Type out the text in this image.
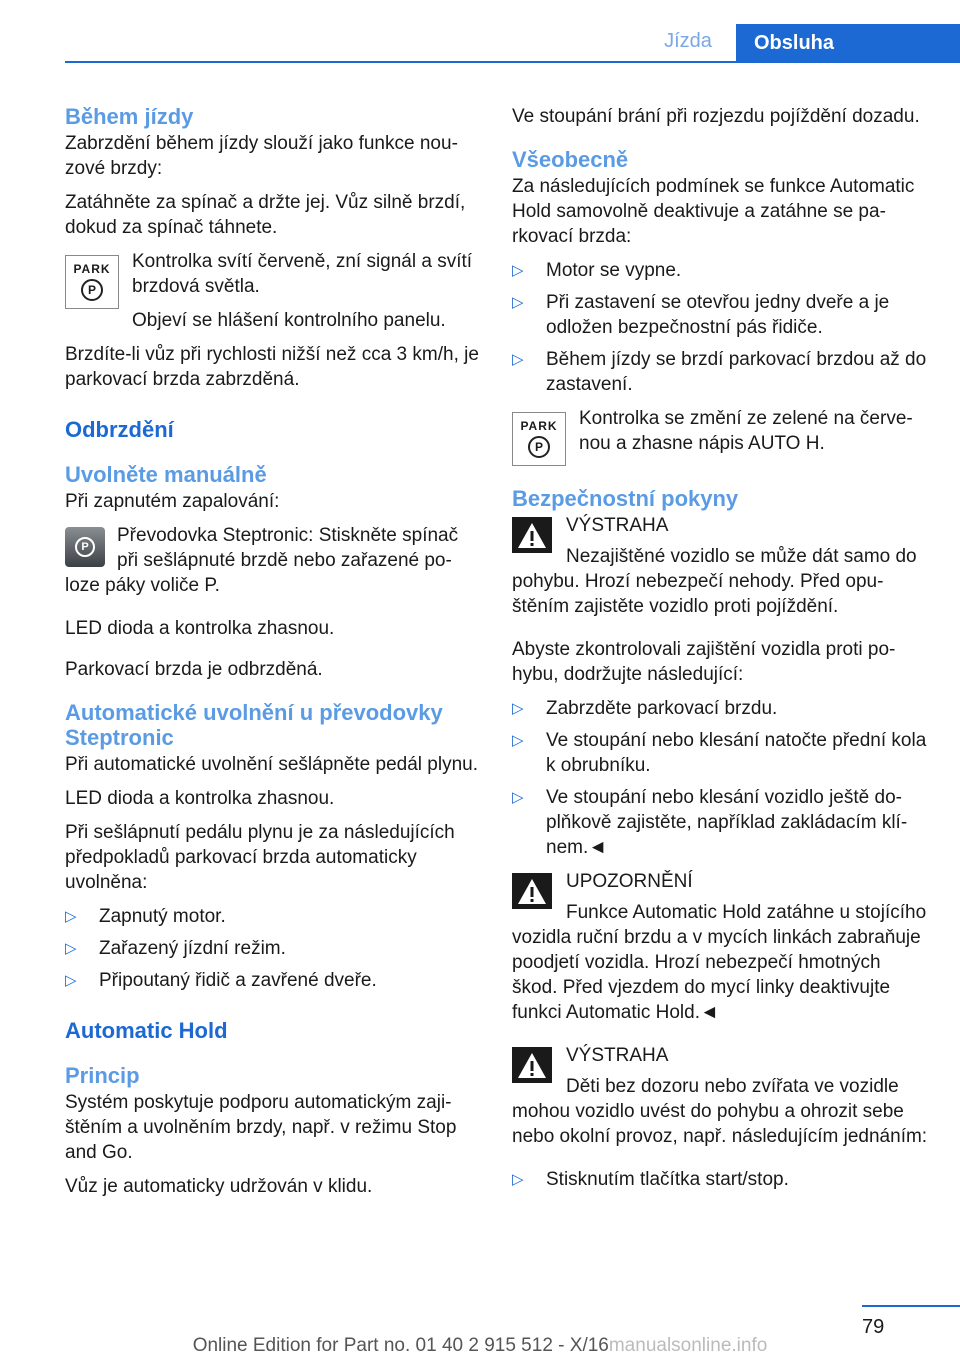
Jízda	Obsluha
Během jízdy

Zabrzdění během jízdy slouží jako funkce nouzové brzdy:

Zatáhněte za spínač a držte jej. Vůz silně brzdí, dokud za spínač táhnete.

PARK
P

Kontrolka svítí červeně, zní signál a svítí brzdová světla.

Objeví se hlášení kontrolního panelu.

Brzdíte-li vůz při rychlosti nižší než cca 3 km/h, je parkovací brzda zabrzděná.

Odbrzdění
Uvolněte manuálně

Při zapnutém zapalování:

P

Převodovka Steptronic: Stiskněte spínač při sešlápnuté brzdě nebo zařazené poloze páky voliče P.

LED dioda a kontrolka zhasnou.

Parkovací brzda je odbrzděná.

Automatické uvolnění u převodovky Steptronic

Při automatické uvolnění sešlápněte pedál plynu.

LED dioda a kontrolka zhasnou.

Při sešlápnutí pedálu plynu je za následujících předpokladů parkovací brzda automaticky uvolněna:

▷ Zapnutý motor.
▷ Zařazený jízdní režim.
▷ Připoutaný řidič a zavřené dveře.
Automatic Hold
Princip

Systém poskytuje podporu automatickým zajištěním a uvolněním brzdy, např. v režimu Stop and Go.

Vůz je automaticky udržován v klidu.

Ve stoupání brání při rozjezdu pojíždění dozadu.

Všeobecně

Za následujících podmínek se funkce Automatic Hold samovolně deaktivuje a zatáhne se parkovací brzda:

▷ Motor se vypne.
▷ Při zastavení se otevřou jedny dveře a je odložen bezpečnostní pás řidiče.
▷ Během jízdy se brzdí parkovací brzdou až do zastavení.
PARK
P

Kontrolka se změní ze zelené na červenou a zhasne nápis AUTO H.

Bezpečnostní pokyny

VÝSTRAHA

Nezajištěné vozidlo se může dát samo do pohybu. Hrozí nebezpečí nehody. Před opuštěním zajistěte vozidlo proti pojíždění.

Abyste zkontrolovali zajištění vozidla proti pohybu, dodržujte následující:

▷ Zabrzděte parkovací brzdu.
▷ Ve stoupání nebo klesání natočte přední kola k obrubníku.
▷ Ve stoupání nebo klesání vozidlo ještě doplňkově zajistěte, například zakládacím klínem.◄

UPOZORNĚNÍ

Funkce Automatic Hold zatáhne u stojícího vozidla ruční brzdu a v mycích linkách zabraňuje poodjetí vozidla. Hrozí nebezpečí hmotných škod. Před vjezdem do mycí linky deaktivujte funkci Automatic Hold.◄

VÝSTRAHA

Děti bez dozoru nebo zvířata ve vozidle mohou vozidlo uvést do pohybu a ohrozit sebe nebo okolní provoz, např. následujícím jednáním:

▷ Stisknutím tlačítka start/stop.
79
Online Edition for Part no. 01 40 2 915 512 - X/16manualsonline.info
